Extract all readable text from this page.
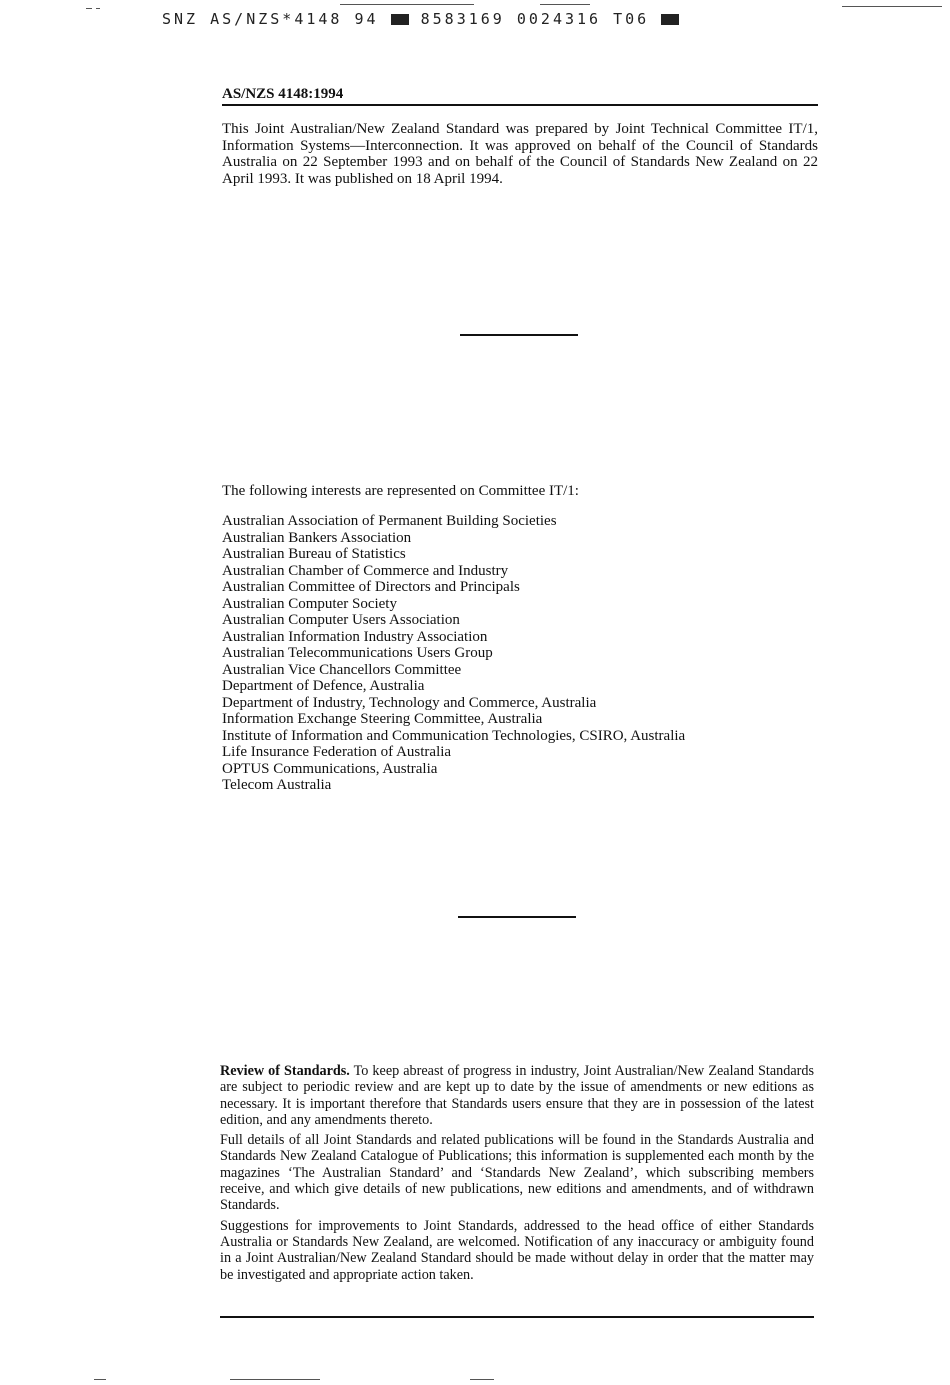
SNZ AS/NZS*4148 94	8583169 0024316 T06
AS/NZS 4148:1994

This Joint Australian/New Zealand Standard was prepared by Joint Technical Committee IT/1, Information Systems—Interconnection. It was approved on behalf of the Council of Standards Australia on 22 September 1993 and on behalf of the Council of Standards New Zealand on 22 April 1993. It was published on 18 April 1994.

The following interests are represented on Committee IT/1:

Australian Association of Permanent Building Societies
Australian Bankers Association
Australian Bureau of Statistics
Australian Chamber of Commerce and Industry
Australian Committee of Directors and Principals
Australian Computer Society
Australian Computer Users Association
Australian Information Industry Association
Australian Telecommunications Users Group
Australian Vice Chancellors Committee
Department of Defence, Australia
Department of Industry, Technology and Commerce, Australia
Information Exchange Steering Committee, Australia
Institute of Information and Communication Technologies, CSIRO, Australia
Life Insurance Federation of Australia
OPTUS Communications, Australia
Telecom Australia

Review of Standards. To keep abreast of progress in industry, Joint Australian/New Zealand Standards are subject to periodic review and are kept up to date by the issue of amendments or new editions as necessary. It is important therefore that Standards users ensure that they are in possession of the latest edition, and any amendments thereto.

Full details of all Joint Standards and related publications will be found in the Standards Australia and Standards New Zealand Catalogue of Publications; this information is supplemented each month by the magazines ‘The Australian Standard’ and ‘Standards New Zealand’, which subscribing members receive, and which give details of new publications, new editions and amendments, and of withdrawn Standards.

Suggestions for improvements to Joint Standards, addressed to the head office of either Standards Australia or Standards New Zealand, are welcomed. Notification of any inaccuracy or ambiguity found in a Joint Australian/New Zealand Standard should be made without delay in order that the matter may be investigated and appropriate action taken.
